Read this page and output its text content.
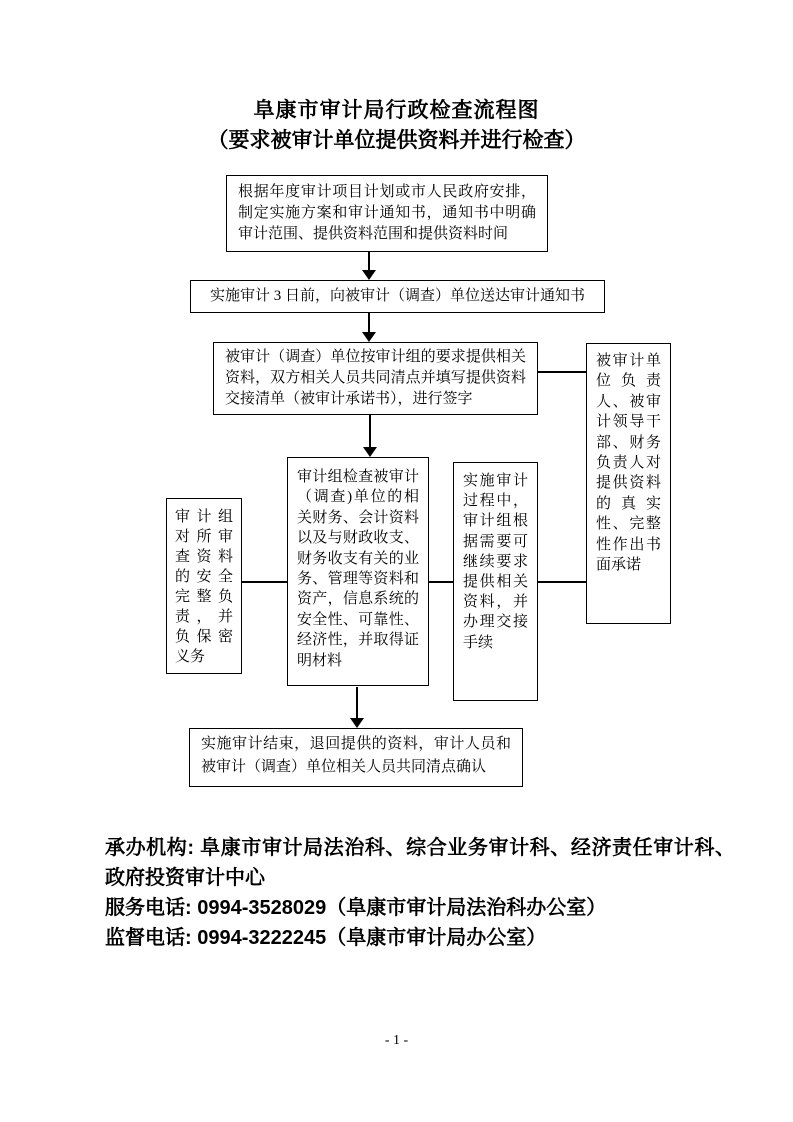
阜康市审计局行政检查流程图
（要求被审计单位提供资料并进行检查）
根据年度审计项目计划或市人民政府安排，制定实施方案和审计通知书，通知书中明确审计范围、提供资料范围和提供资料时间
实施审计 3 日前，向被审计（调查）单位送达审计通知书
被审计（调查）单位按审计组的要求提供相关资料，双方相关人员共同清点并填写提供资料交接清单（被审计承诺书），进行签字
被审计单位负责人、被审计领导干部、财务负责人对提供资料的真实性、完整性作出书面承诺
审计组对所审查资料的安全完整负责，并负保密义务
审计组检查被审计（调查)单位的相关财务、会计资料以及与财政收支、财务收支有关的业务、管理等资料和资产，信息系统的安全性、可靠性、经济性，并取得证明材料
实施审计过程中，审计组根据需要可继续要求提供相关资料，并办理交接手续
实施审计结束，退回提供的资料，审计人员和被审计（调查）单位相关人员共同清点确认

承办机构: 阜康市审计局法治科、综合业务审计科、经济责任审计科、政府投资审计中心

服务电话: 0994-3528029（阜康市审计局法治科办公室）

监督电话: 0994-3222245（阜康市审计局办公室）

- 1 -
